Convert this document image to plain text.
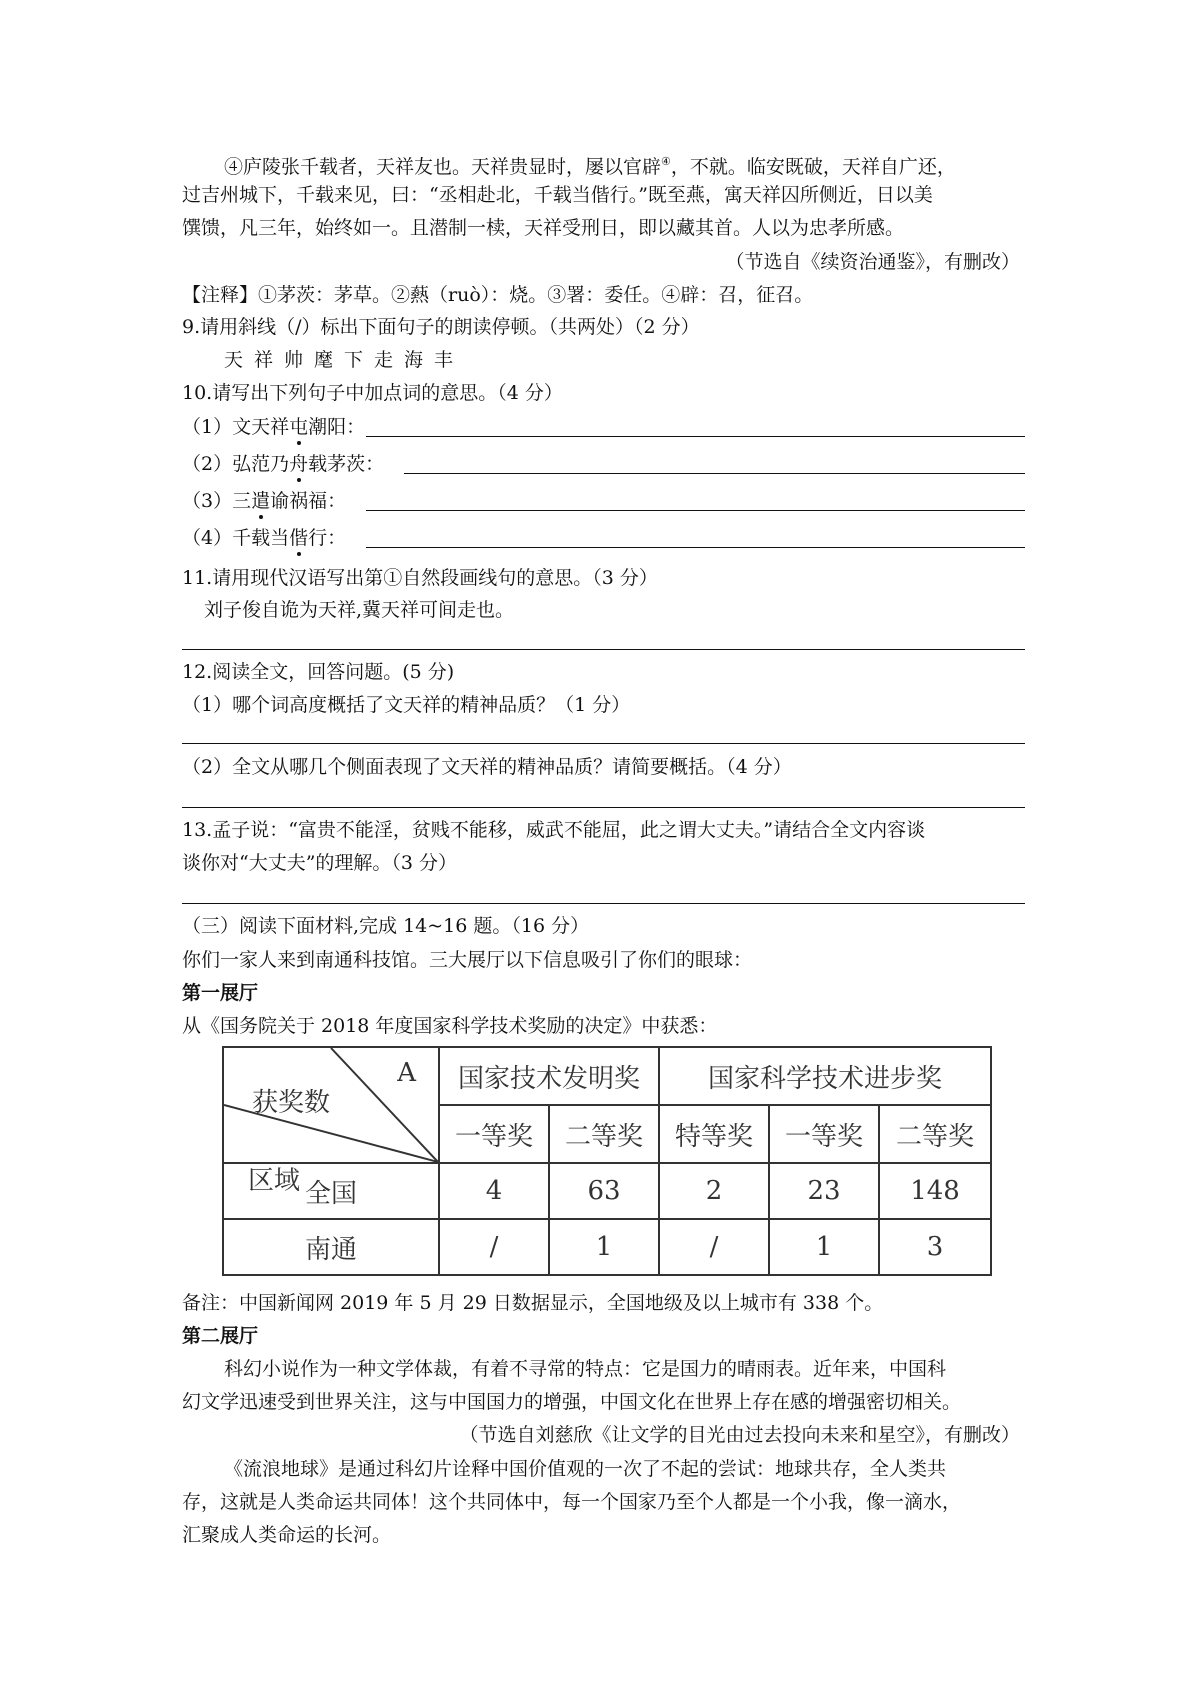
④庐陵张千载者，天祥友也。天祥贵显时，屡以官辟④，不就。临安既破，天祥自广还，
过吉州城下，千载来见，曰：“丞相赴北，千载当偕行。”既至燕，寓天祥囚所侧近，日以美
馔馈，凡三年，始终如一。且潜制一椟，天祥受刑日，即以藏其首。人以为忠孝所感。
（节选自《续资治通鉴》，有删改）
【注释】①茅茨：茅草。②爇（ruò）：烧。③署：委任。④辟：召，征召。
9.请用斜线（/）标出下面句子的朗读停顿。（共两处）（2 分）
天祥帅麾下走海丰
10.请写出下列句子中加点词的意思。（4 分）
（1）文天祥屯潮阳：
（2）弘范乃舟载茅茨：
（3）三遣谕祸福：
（4）千载当偕行：
11.请用现代汉语写出第①自然段画线句的意思。（3 分）
刘子俊自诡为天祥,冀天祥可间走也。
12.阅读全文，回答问题。(5 分)
（1）哪个词高度概括了文天祥的精神品质？（1 分）
（2）全文从哪几个侧面表现了文天祥的精神品质？请简要概括。（4 分）
13.孟子说：“富贵不能淫，贫贱不能移，威武不能屈，此之谓大丈夫。”请结合全文内容谈
谈你对“大丈夫”的理解。（3 分）
（三）阅读下面材料,完成 14~16 题。（16 分）
你们一家人来到南通科技馆。三大展厅以下信息吸引了你们的眼球：
第一展厅
从《国务院关于 2018 年度国家科学技术奖励的决定》中获悉：
A
获奖数
区域	国家技术发明奖		国家科学技术进步奖		
	一等奖	二等奖	特等奖	一等奖	二等奖
全国	4	63	2	23	148
南通	/	1	/	1	3
备注：中国新闻网 2019 年 5 月 29 日数据显示，全国地级及以上城市有 338 个。
第二展厅
科幻小说作为一种文学体裁，有着不寻常的特点：它是国力的晴雨表。近年来，中国科
幻文学迅速受到世界关注，这与中国国力的增强，中国文化在世界上存在感的增强密切相关。
（节选自刘慈欣《让文学的目光由过去投向未来和星空》，有删改）
《流浪地球》是通过科幻片诠释中国价值观的一次了不起的尝试：地球共存，全人类共
存，这就是人类命运共同体！这个共同体中，每一个国家乃至个人都是一个小我，像一滴水，
汇聚成人类命运的长河。
